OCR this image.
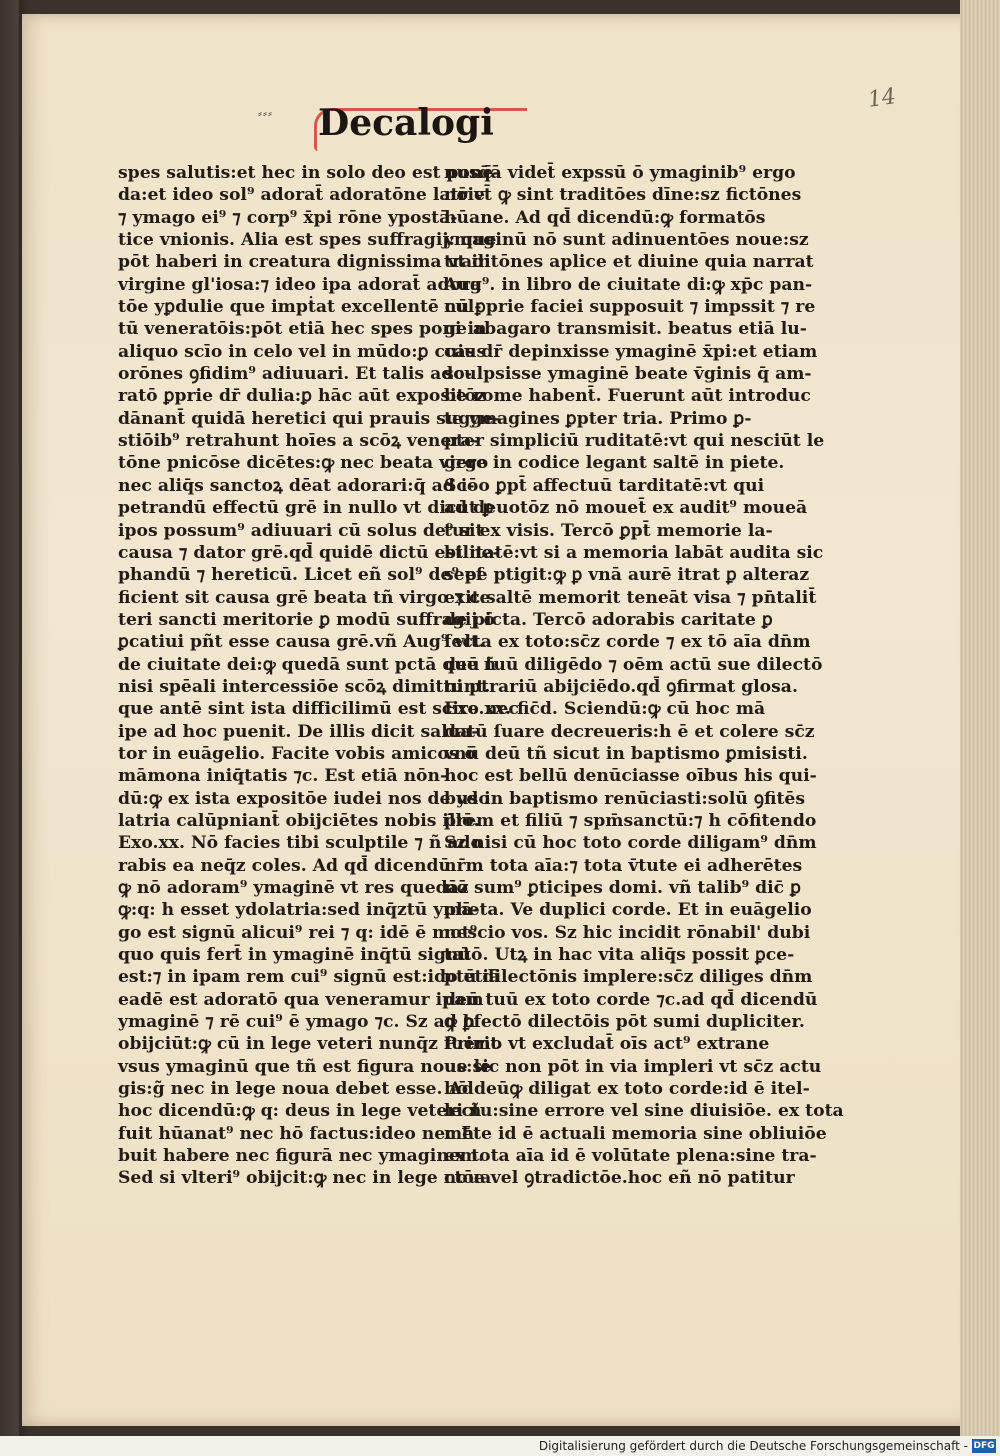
⸗⸗⸗
14
Decalogi
spes salutis:et hec in solo deo est ponē-
da:et ideo sol⁹ adorat̄ adoratōne latrie
⁊ ymago ei⁹ ⁊ corp⁹ x̄pi rōne ypostā-
tice vnionis. Alia est spes suffragij: que
pōt haberi in creatura dignissima vt in
virgine gl'iosa:⁊ ideo ipa adorat̄ adora
tōe yꝑdulie que impṫat excellentē cul-
tū veneratōis:pōt etiā hec spes poni in
aliquo scīo in celo vel in mūdo:ꝑ cuius
orōnes ꝯfidim⁹ adiuuari. Et talis ado-
ratō ꝑprie dr̄ dulia:ꝑ hāc aūt expositōz
dānant̄ quidā heretici qui prauis sugge-
stiōib⁹ retrahunt hoīes a scōꝝ venera-
tōne pnicōse dicētes:ꝙ nec beata virgo
nec aliq̄s sanctoꝝ dēat adorari:q̄ ad i-
petrandū effectū grē in nullo vt dicūt ꝑ
ipos possum⁹ adiuuari cū solus de⁹ sit
causa ⁊ dator grē.qd̄ quidē dictū est ne-
phandū ⁊ hereticū. Licet eñ sol⁹ de⁹ ef
ficient sit causa grē beata tñ virgo ⁊ ce
teri sancti meritorie ꝑ modū suffragij ō
ꝑcatiui pñt esse causa grē.vñ Aug⁹ vlt.
de ciuitate dei:ꝙ quedā sunt pctā que ñ
nisi spēali intercessiōe scōꝝ dimittunt.
que antē sint ista difficilimū est scire nec
ipe ad hoc puenit. De illis dicit salua-
tor in euāgelio. Facite vobis amicos ō
māmona iniq̄tatis ⁊c. Est etiā nōn-
dū:ꝙ ex ista expositōe iudei nos de ydo
latria calūpniant̄ obijciētes nobis illō.
Exo.xx. Nō facies tibi sculptile ⁊ ñ ado
rabis ea neq̄z coles. Ad qd̄ dicendū
ꝙ nō adoram⁹ ymaginē vt res quedāz
ꝙ:q: h esset ydolatria:sed inq̄ztū ymā-
go est signū alicui⁹ rei ⁊ q: idē ē mot⁹
quo quis fert̄ in ymaginē inq̄tū signū
est:⁊ in ipam rem cui⁹ signū est:ido etiā
eadē est adoratō qua veneramur ipam
ymaginē ⁊ rē cui⁹ ē ymago ⁊c. Sz ad h
obijciūt:ꝙ cū in lege veteri nunq̄z fuerit
vsus ymaginū que tñ est figura noue le
gis:g̃ nec in lege noua debet esse. Ad
hoc dicendū:ꝙ q: deus in lege veteri ñ
fuit hūanat⁹ nec hō factus:ideo nec ħ
buit habere nec figurā nec ymaginem.
Sed si vlteri⁹ obijcit:ꝙ nec in lege noua
nusq̄ā videt̄ expssū ō ymaginib⁹ ergo
nō vt̄ ꝙ sint traditōes dīne:sz fictōnes
hūane. Ad qd̄ dicendū:ꝙ formatōs
ymaginū nō sunt adinuentōes noue:sz
traditōnes aplice et diuine quia narrat
Aug⁹. in libro de ciuitate di:ꝙ xp̄c pan-
nū ꝑprie faciei supposuit ⁊ impssit ⁊ re
ge abagaro transmisit. beatus etiā lu-
cas dr̄ depinxisse ymaginē x̄pi:et etiam
sculpsisse ymaginē beate v̄ginis q̄ am-
be rome habent̄. Fuerunt aūt introduc
te ymagines ꝑpter tria. Primo ꝑ-
pter simpliciū ruditatē:vt qui nesciūt le
gere in codice legant saltē in piete.
Scōo ꝑpt̄ affectuū tarditatē:vt qui
ad deuotōz nō mouet̄ ex audit⁹ moueā
tur ex visis. Tercō ꝑpt̄ memorie la-
bilitatē:vt si a memoria labāt audita sic
sepe ptigit:ꝙ ꝑ vnā aurē itrat ꝑ alteraz
exit:saltē memorit teneāt visa ⁊ pn̄talit̄
de picta. Tercō adorabis caritate ꝑ
fecta ex toto:sc̄z corde ⁊ ex tō aīa dn̄m
deū tuū diligēdo ⁊ oēm actū sue dilectō
ni ptrariū abijciēdo.qd̄ ꝯfirmat glosa.
Exo.xx. fic̄d. Sciendū:ꝙ cū hoc mā
datū ſuare decreueris:h ē et colere sc̄z
vnū deū tñ sicut in baptismo ꝑmisisti.
hoc est bellū denūciasse oībus his qui-
bus in baptismo renūciasti:solū ꝯfitēs
p̄rem et filiū ⁊ spm̄sanctū:⁊ h cōfitendo
Sz nisi cū hoc toto corde diligam⁹ dn̄m
nr̄m tota aīa:⁊ tota v̄tute ei adherētes
nō sum⁹ ꝑticipes domi. vñ talib⁹ dic̄ ꝑ
pheta. Ve duplici corde. Et in euāgelio
nescio vos. Sz hic incidit rōnabil' dubi
tatō. Utꝝ in hac vita aliq̄s possit ꝑce-
ptū dilectōnis implere:sc̄z diliges dn̄m
deū tuū ex toto corde ⁊c.ad qd̄ dicendū
ꝙ ꝑfectō dilectōis pōt sumi dupliciter.
Primo vt excludat̄ oīs act⁹ extrane
us:sic non pōt in via impleri vt sc̄z actu
hō deūꝙ diligat ex toto corde:id ē itel-
lectu:sine errore vel sine diuisiōe. ex tota
mēte id ē actuali memoria sine obliuiōe
ex tota aīa id ē volūtate plena:sine tra-
ctōe vel ꝯtradictōe.hoc eñ nō patitur
Digitalisierung gefördert durch die Deutsche Forschungsgemeinschaft - DFG
